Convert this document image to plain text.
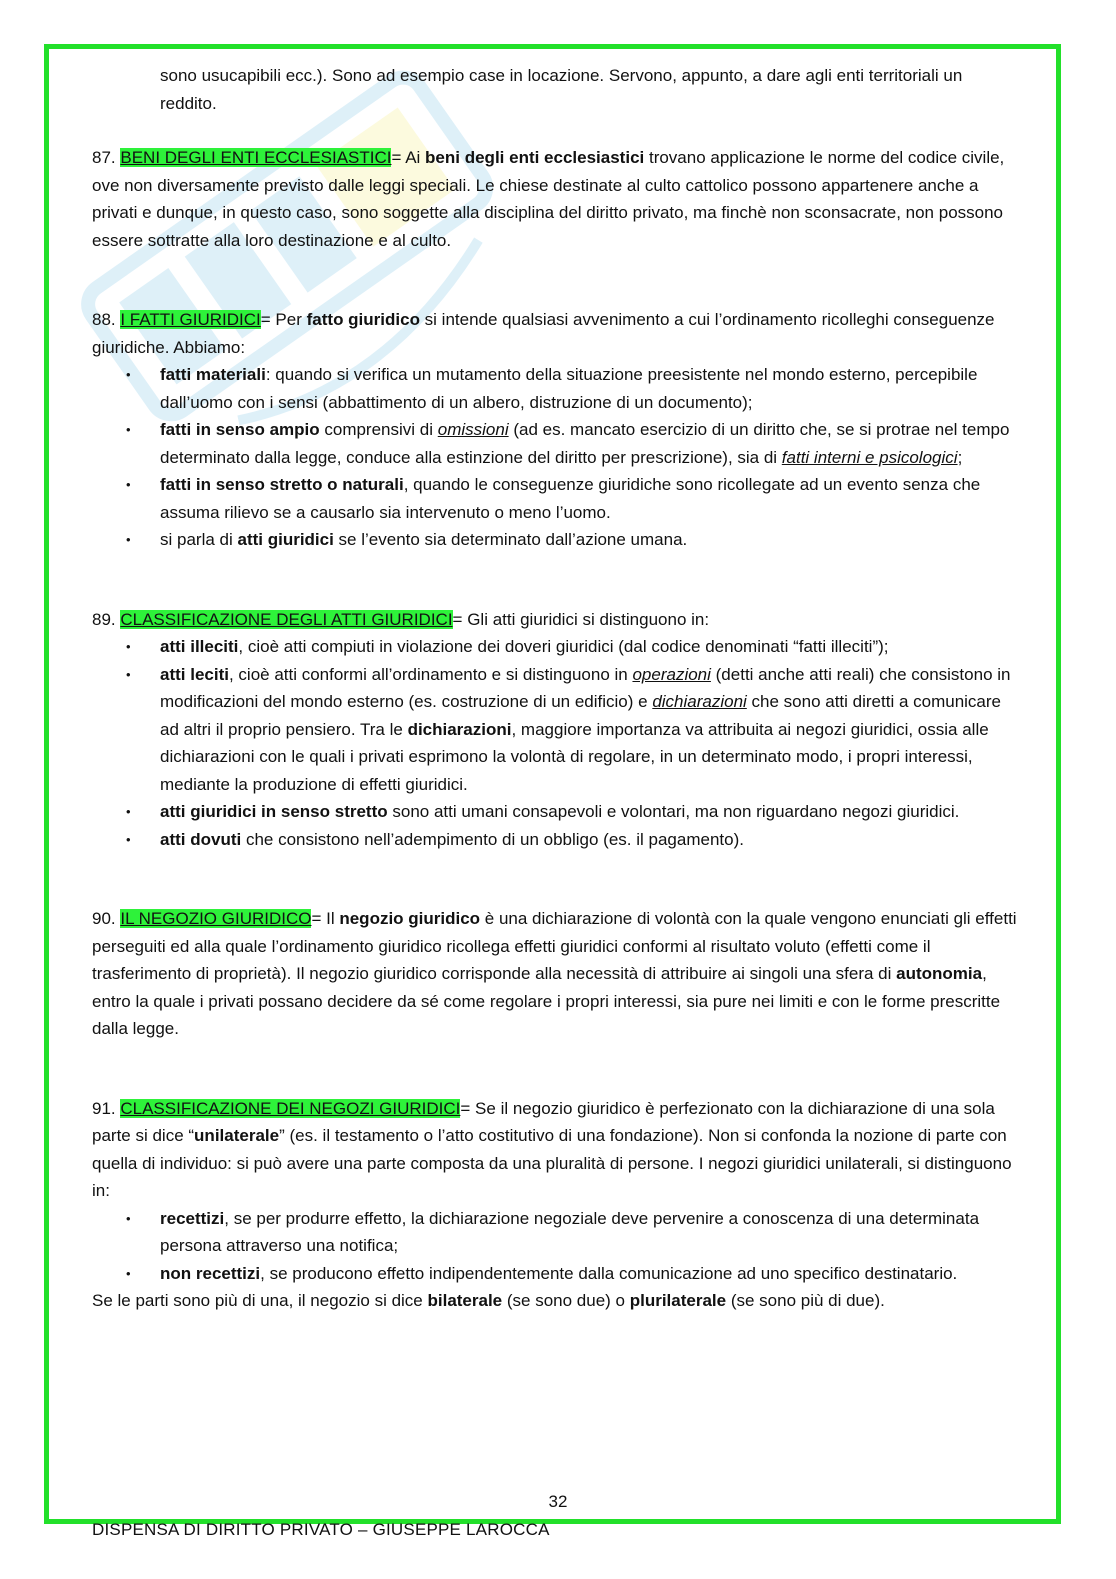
sono usucapibili ecc.). Sono ad esempio case in locazione. Servono, appunto, a dare agli enti territoriali un reddito.

87. BENI DEGLI ENTI ECCLESIASTICI= Ai beni degli enti ecclesiastici trovano applicazione le norme del codice civile, ove non diversamente previsto dalle leggi speciali. Le chiese destinate al culto cattolico possono appartenere anche a privati e dunque, in questo caso, sono soggette alla disciplina del diritto privato, ma finchè non sconsacrate, non possono essere sottratte alla loro destinazione e al culto.

88. I FATTI GIURIDICI= Per fatto giuridico si intende qualsiasi avvenimento a cui l’ordinamento ricolleghi conseguenze giuridiche. Abbiamo:

• fatti materiali: quando si verifica un mutamento della situazione preesistente nel mondo esterno, percepibile dall’uomo con i sensi (abbattimento di un albero, distruzione di un documento);
• fatti in senso ampio comprensivi di omissioni (ad es. mancato esercizio di un diritto che, se si protrae nel tempo determinato dalla legge, conduce alla estinzione del diritto per prescrizione), sia di fatti interni e psicologici;
• fatti in senso stretto o naturali, quando le conseguenze giuridiche sono ricollegate ad un evento senza che assuma rilievo se a causarlo sia intervenuto o meno l’uomo.
• si parla di atti giuridici se l’evento sia determinato dall’azione umana.

89. CLASSIFICAZIONE DEGLI ATTI GIURIDICI= Gli atti giuridici si distinguono in:

• atti illeciti, cioè atti compiuti in violazione dei doveri giuridici (dal codice denominati “fatti illeciti”);
• atti leciti, cioè atti conformi all’ordinamento e si distinguono in operazioni (detti anche atti reali) che consistono in modificazioni del mondo esterno (es. costruzione di un edificio) e dichiarazioni che sono atti diretti a comunicare ad altri il proprio pensiero. Tra le dichiarazioni, maggiore importanza va attribuita ai negozi giuridici, ossia alle dichiarazioni con le quali i privati esprimono la volontà di regolare, in un determinato modo, i propri interessi, mediante la produzione di effetti giuridici.
• atti giuridici in senso stretto sono atti umani consapevoli e volontari, ma non riguardano negozi giuridici.
• atti dovuti che consistono nell’adempimento di un obbligo (es. il pagamento).

90. IL NEGOZIO GIURIDICO= Il negozio giuridico è una dichiarazione di volontà con la quale vengono enunciati gli effetti perseguiti ed alla quale l’ordinamento giuridico ricollega effetti giuridici conformi al risultato voluto (effetti come il trasferimento di proprietà). Il negozio giuridico corrisponde alla necessità di attribuire ai singoli una sfera di autonomia, entro la quale i privati possano decidere da sé come regolare i propri interessi, sia pure nei limiti e con le forme prescritte dalla legge.

91. CLASSIFICAZIONE DEI NEGOZI GIURIDICI= Se il negozio giuridico è perfezionato con la dichiarazione di una sola parte si dice “unilaterale” (es. il testamento o l’atto costitutivo di una fondazione). Non si confonda la nozione di parte con quella di individuo: si può avere una parte composta da una pluralità di persone. I negozi giuridici unilaterali, si distinguono in:

• recettizi, se per produrre effetto, la dichiarazione negoziale deve pervenire a conoscenza di una determinata persona attraverso una notifica;
• non recettizi, se producono effetto indipendentemente dalla comunicazione ad uno specifico destinatario.

Se le parti sono più di una, il negozio si dice bilaterale (se sono due) o plurilaterale (se sono più di due).

32
DISPENSA DI DIRITTO PRIVATO – GIUSEPPE LAROCCA
